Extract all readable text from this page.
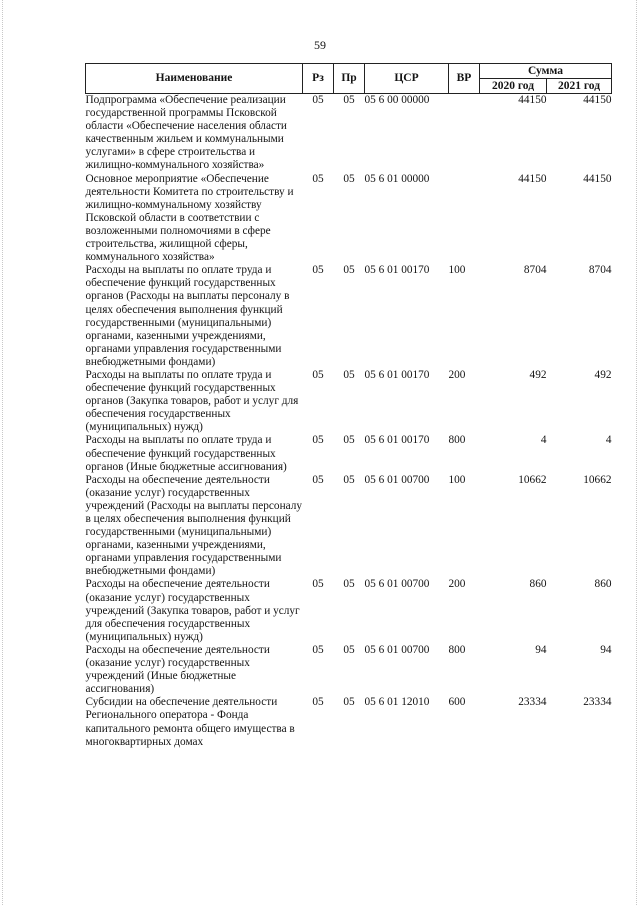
59
Наименование	Рз	Пр	ЦСР	ВР	Сумма	
					2020 год	2021 год
Подпрограмма «Обеспечение реализации государственной программы Псковской области «Обеспечение населения области качественным жильем и коммунальными услугами» в сфере строительства и жилищно-коммунального хозяйства»	05	05	05 6 00 00000		44150	44150
Основное мероприятие «Обеспечение деятельности Комитета по строительству и жилищно-коммунальному хозяйству Псковской области в соответствии с возложенными полномочиями в сфере строительства, жилищной сферы, коммунального хозяйства»	05	05	05 6 01 00000		44150	44150
Расходы на выплаты по оплате труда и обеспечение функций государственных органов (Расходы на выплаты персоналу в целях обеспечения выполнения функций государственными (муниципальными) органами, казенными учреждениями, органами управления государственными внебюджетными фондами)	05	05	05 6 01 00170	100	8704	8704
Расходы на выплаты по оплате труда и обеспечение функций государственных органов (Закупка товаров, работ и услуг для обеспечения государственных (муниципальных) нужд)	05	05	05 6 01 00170	200	492	492
Расходы на выплаты по оплате труда и обеспечение функций государственных органов (Иные бюджетные ассигнования)	05	05	05 6 01 00170	800	4	4
Расходы на обеспечение деятельности (оказание услуг) государственных учреждений (Расходы на выплаты персоналу в целях обеспечения выполнения функций государственными (муниципальными) органами, казенными учреждениями, органами управления государственными внебюджетными фондами)	05	05	05 6 01 00700	100	10662	10662
Расходы на обеспечение деятельности (оказание услуг) государственных учреждений (Закупка товаров, работ и услуг для обеспечения государственных (муниципальных) нужд)	05	05	05 6 01 00700	200	860	860
Расходы на обеспечение деятельности (оказание услуг) государственных учреждений (Иные бюджетные ассигнования)	05	05	05 6 01 00700	800	94	94
Субсидии на обеспечение деятельности Регионального оператора - Фонда капитального ремонта общего имущества в многоквартирных домах	05	05	05 6 01 12010	600	23334	23334
